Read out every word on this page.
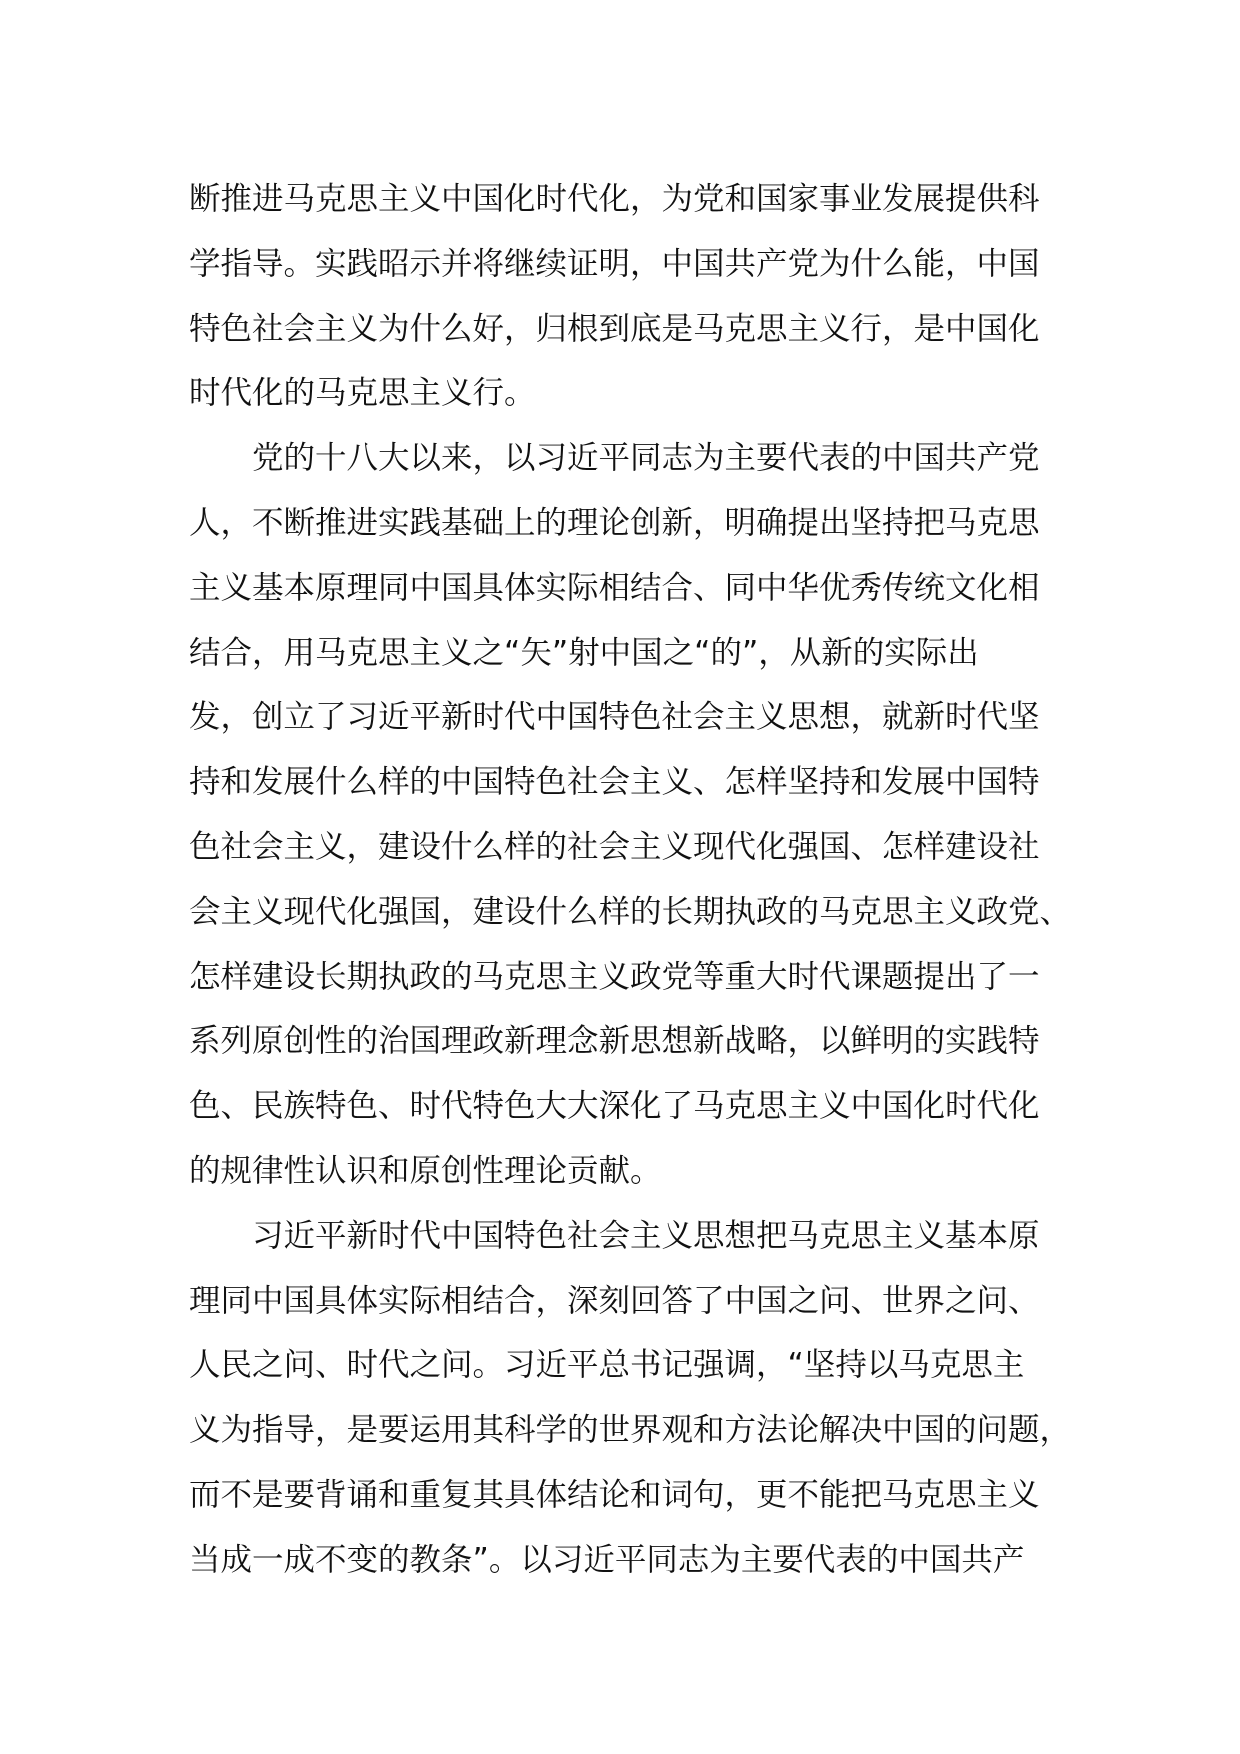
断推进马克思主义中国化时代化，为党和国家事业发展提供科
学指导。实践昭示并将继续证明，中国共产党为什么能，中国
特色社会主义为什么好，归根到底是马克思主义行，是中国化
时代化的马克思主义行。

党的十八大以来，以习近平同志为主要代表的中国共产党
人，不断推进实践基础上的理论创新，明确提出坚持把马克思
主义基本原理同中国具体实际相结合、同中华优秀传统文化相
结合，用马克思主义之“矢”射中国之“的”，从新的实际出
发，创立了习近平新时代中国特色社会主义思想，就新时代坚
持和发展什么样的中国特色社会主义、怎样坚持和发展中国特
色社会主义，建设什么样的社会主义现代化强国、怎样建设社
会主义现代化强国，建设什么样的长期执政的马克思主义政党、
怎样建设长期执政的马克思主义政党等重大时代课题提出了一
系列原创性的治国理政新理念新思想新战略，以鲜明的实践特
色、民族特色、时代特色大大深化了马克思主义中国化时代化
的规律性认识和原创性理论贡献。

习近平新时代中国特色社会主义思想把马克思主义基本原
理同中国具体实际相结合，深刻回答了中国之问、世界之问、
人民之问、时代之问。习近平总书记强调，“坚持以马克思主
义为指导，是要运用其科学的世界观和方法论解决中国的问题，
而不是要背诵和重复其具体结论和词句，更不能把马克思主义
当成一成不变的教条”。以习近平同志为主要代表的中国共产
